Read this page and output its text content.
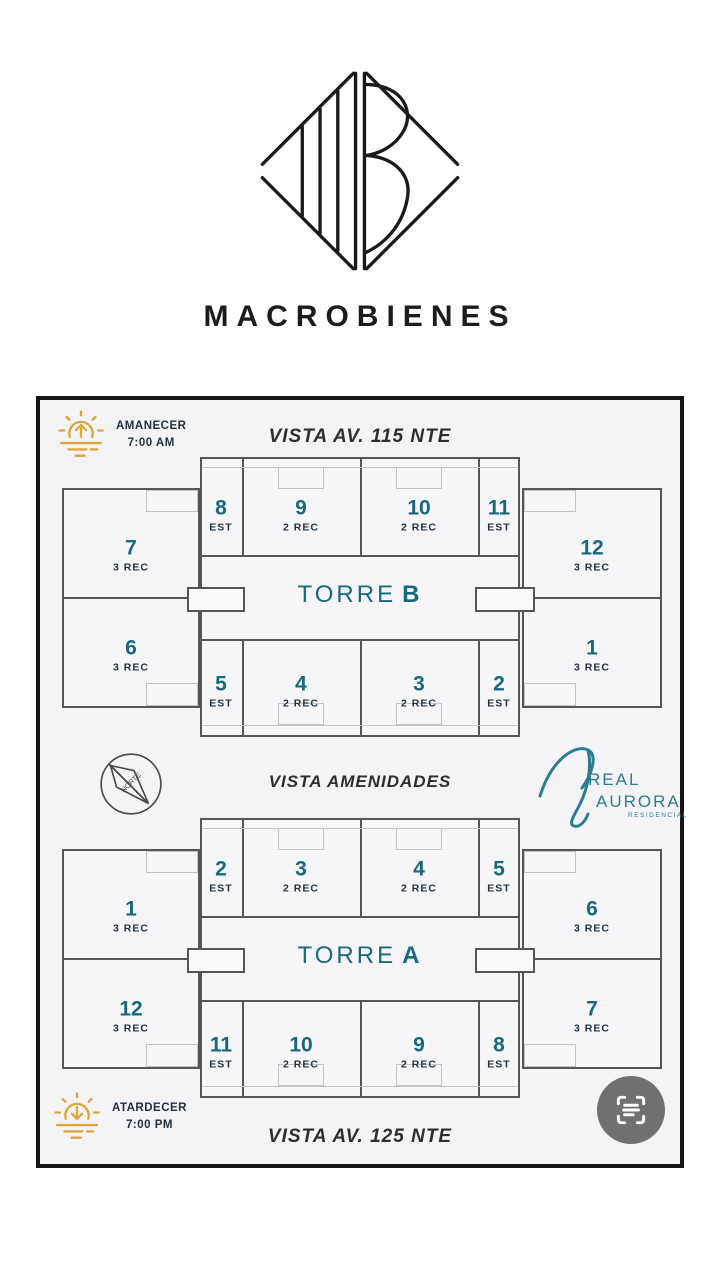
MACROBIENES
VISTA AV. 115 NTE
AMANECER
7:00 AM
TORRE B
8
EST
9
2 REC
10
2 REC
11
EST
5
EST
4
2 REC
3
2 REC
2
EST
7
3 REC
6
3 REC
12
3 REC
1
3 REC
VISTA AMENIDADES
NORTE	REAL
AURORA
RESIDENCIAL
TORRE A
2
EST
3
2 REC
4
2 REC
5
EST
11
EST
10
2 REC
9
2 REC
8
EST
1
3 REC
12
3 REC
6
3 REC
7
3 REC
ATARDECER
7:00 PM
VISTA AV. 125 NTE
